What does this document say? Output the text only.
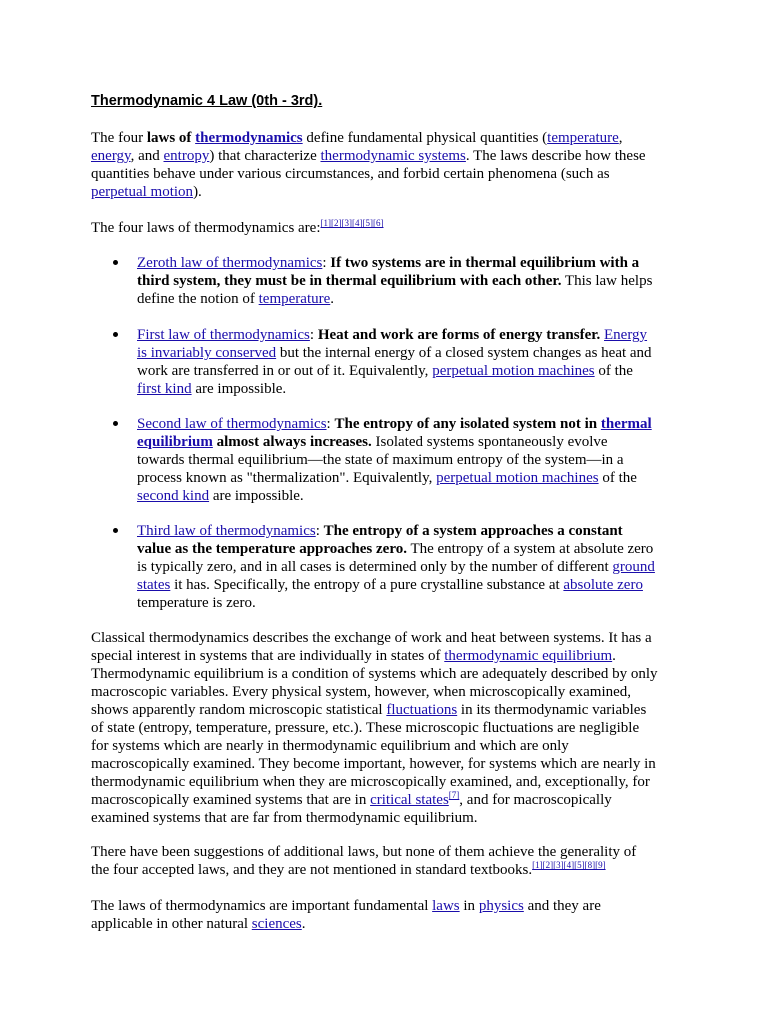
Thermodynamic 4 Law (0th - 3rd).

The four laws of thermodynamics define fundamental physical quantities (temperature,
energy, and entropy) that characterize thermodynamic systems. The laws describe how these
quantities behave under various circumstances, and forbid certain phenomena (such as
perpetual motion).

The four laws of thermodynamics are:[1][2][3][4][5][6]

Zeroth law of thermodynamics: If two systems are in thermal equilibrium with a
third system, they must be in thermal equilibrium with each other. This law helps
define the notion of temperature.
First law of thermodynamics: Heat and work are forms of energy transfer. Energy
is invariably conserved but the internal energy of a closed system changes as heat and
work are transferred in or out of it. Equivalently, perpetual motion machines of the
first kind are impossible.
Second law of thermodynamics: The entropy of any isolated system not in thermal
equilibrium almost always increases. Isolated systems spontaneously evolve
towards thermal equilibrium—the state of maximum entropy of the system—in a
process known as "thermalization". Equivalently, perpetual motion machines of the
second kind are impossible.
Third law of thermodynamics: The entropy of a system approaches a constant
value as the temperature approaches zero. The entropy of a system at absolute zero
is typically zero, and in all cases is determined only by the number of different ground
states it has. Specifically, the entropy of a pure crystalline substance at absolute zero
temperature is zero.

Classical thermodynamics describes the exchange of work and heat between systems. It has a
special interest in systems that are individually in states of thermodynamic equilibrium.
Thermodynamic equilibrium is a condition of systems which are adequately described by only
macroscopic variables. Every physical system, however, when microscopically examined,
shows apparently random microscopic statistical fluctuations in its thermodynamic variables
of state (entropy, temperature, pressure, etc.). These microscopic fluctuations are negligible
for systems which are nearly in thermodynamic equilibrium and which are only
macroscopically examined. They become important, however, for systems which are nearly in
thermodynamic equilibrium when they are microscopically examined, and, exceptionally, for
macroscopically examined systems that are in critical states[7], and for macroscopically
examined systems that are far from thermodynamic equilibrium.

There have been suggestions of additional laws, but none of them achieve the generality of
the four accepted laws, and they are not mentioned in standard textbooks.[1][2][3][4][5][8][9]

The laws of thermodynamics are important fundamental laws in physics and they are
applicable in other natural sciences.
